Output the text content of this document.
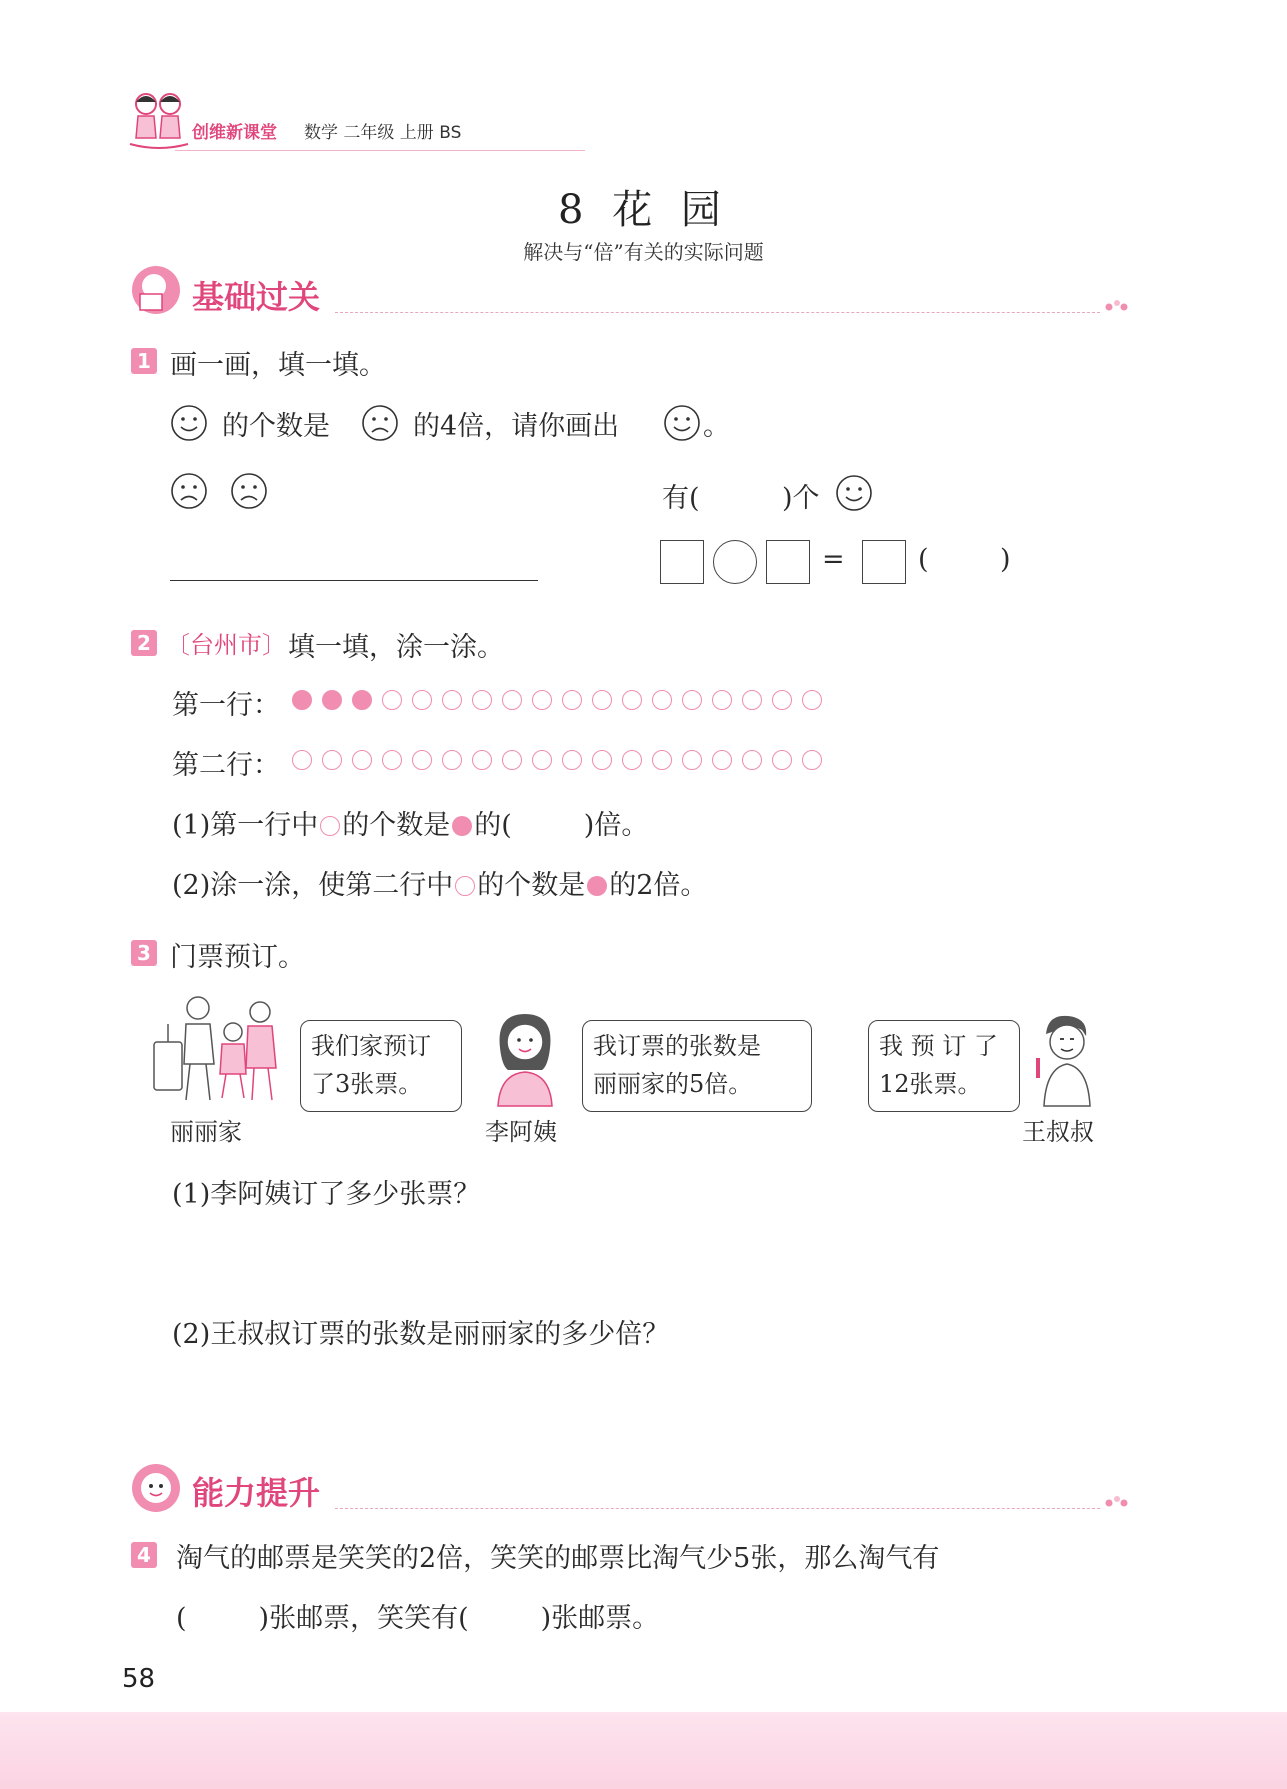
创维新课堂 数学 二年级 上册 BS
8 花 园
解决与“倍”有关的实际问题
基础过关
1 画一画，填一填。
的个数是	的4倍，请你画出	。
有(	)个
=	(	)
2 〔台州市〕 填一填，涂一涂。
第一行：
第二行：
(1)第一行中 的个数是 的(	)倍。
(2)涂一涂，使第二行中 的个数是 的2倍。
3 门票预订。
我们家预订
了3张票。
丽丽家
我订票的张数是
丽丽家的5倍。
李阿姨
我 预 订 了
12张票。
王叔叔
(1)李阿姨订了多少张票？
(2)王叔叔订票的张数是丽丽家的多少倍？
能力提升
4 淘气的邮票是笑笑的2倍，笑笑的邮票比淘气少5张，那么淘气有
(	)张邮票，笑笑有(	)张邮票。
58
